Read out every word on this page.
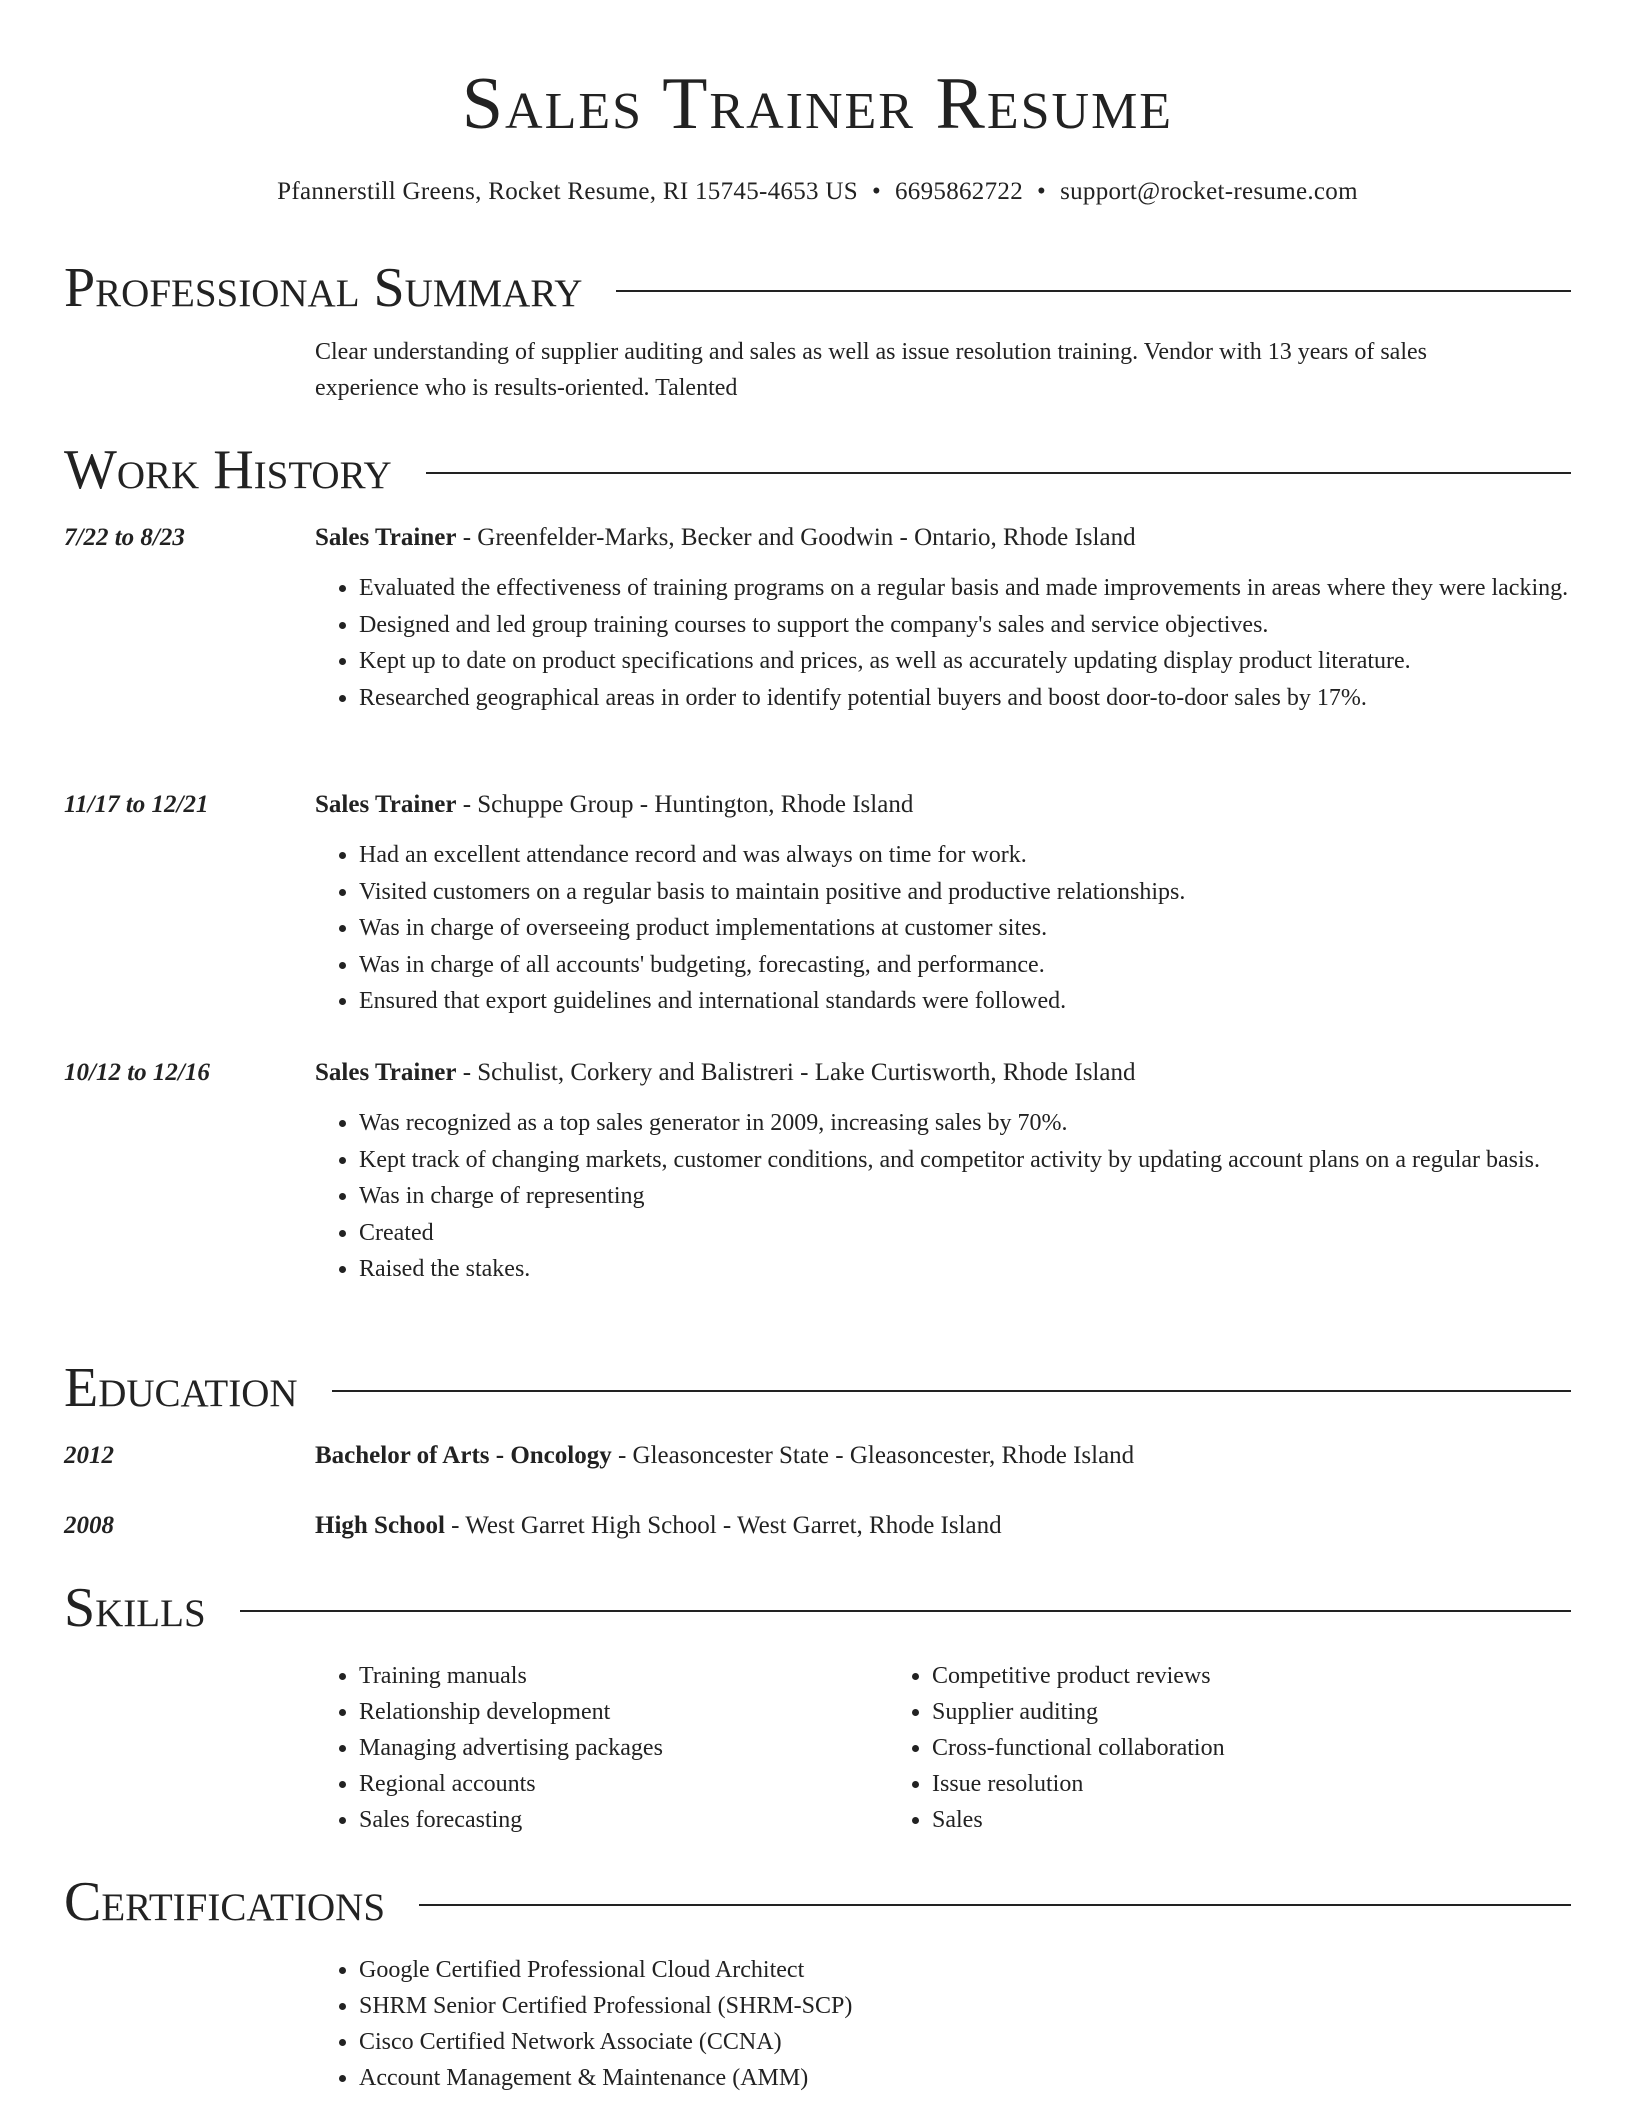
Sales Trainer Resume
Pfannerstill Greens, Rocket Resume, RI 15745-4653 US • 6695862722 • support@rocket-resume.com
Professional Summary

Clear understanding of supplier auditing and sales as well as issue resolution training. Vendor with 13 years of sales experience who is results-oriented. Talented

Work History
7/22 to 8/23	Sales Trainer - Greenfelder-Marks, Becker and Goodwin - Ontario, Rhode Island
• Evaluated the effectiveness of training programs on a regular basis and made improvements in areas where they were lacking.
• Designed and led group training courses to support the company's sales and service objectives.
• Kept up to date on product specifications and prices, as well as accurately updating display product literature.
• Researched geographical areas in order to identify potential buyers and boost door-to-door sales by 17%.
11/17 to 12/21	Sales Trainer - Schuppe Group - Huntington, Rhode Island
• Had an excellent attendance record and was always on time for work.
• Visited customers on a regular basis to maintain positive and productive relationships.
• Was in charge of overseeing product implementations at customer sites.
• Was in charge of all accounts' budgeting, forecasting, and performance.
• Ensured that export guidelines and international standards were followed.
10/12 to 12/16	Sales Trainer - Schulist, Corkery and Balistreri - Lake Curtisworth, Rhode Island
• Was recognized as a top sales generator in 2009, increasing sales by 70%.
• Kept track of changing markets, customer conditions, and competitor activity by updating account plans on a regular basis.
• Was in charge of representing
• Created
• Raised the stakes.
Education
2012	Bachelor of Arts - Oncology - Gleasoncester State - Gleasoncester, Rhode Island
2008	High School - West Garret High School - West Garret, Rhode Island
Skills
• Training manuals
• Relationship development
• Managing advertising packages
• Regional accounts
• Sales forecasting
• Competitive product reviews
• Supplier auditing
• Cross-functional collaboration
• Issue resolution
• Sales
Certifications
• Google Certified Professional Cloud Architect
• SHRM Senior Certified Professional (SHRM-SCP)
• Cisco Certified Network Associate (CCNA)
• Account Management & Maintenance (AMM)
